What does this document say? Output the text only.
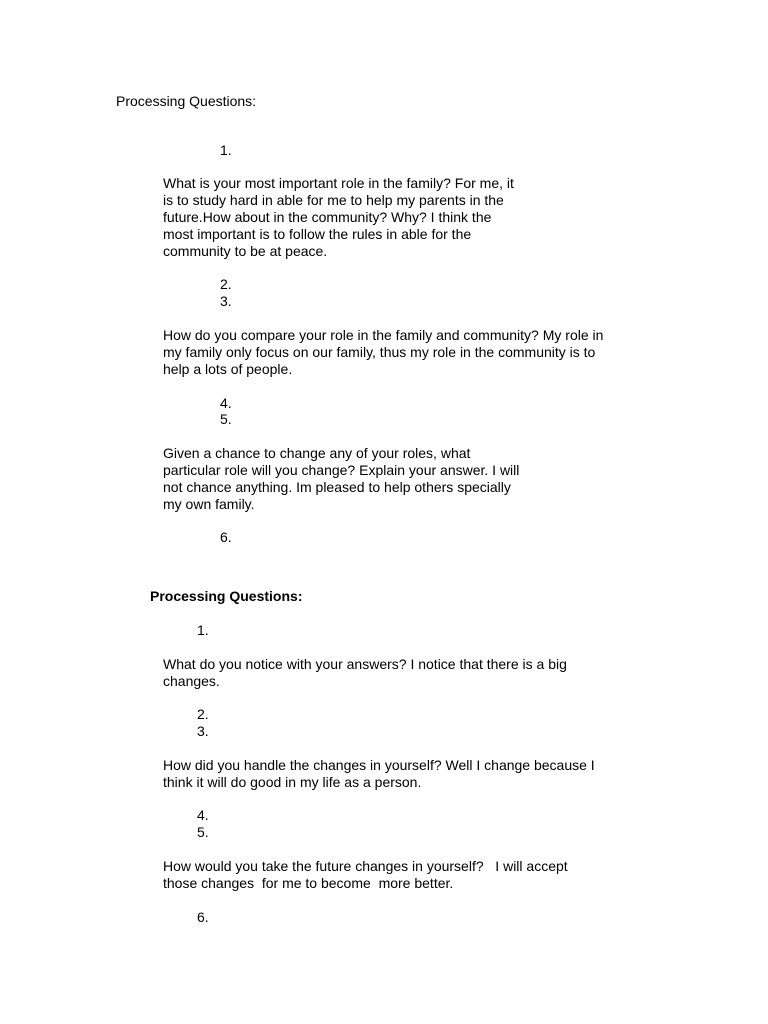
Processing Questions:

1.

What is your most important role in the family? For me, it
is to study hard in able for me to help my parents in the
future.How about in the community? Why? I think the
most important is to follow the rules in able for the
community to be at peace.

2.

3.

How do you compare your role in the family and community? My role in
my family only focus on our family, thus my role in the community is to
help a lots of people.

4.

5.

Given a chance to change any of your roles, what
particular role will you change? Explain your answer. I will
not chance anything. Im pleased to help others specially
my own family.

6.

Processing Questions:

1.

What do you notice with your answers? I notice that there is a big
changes.

2.

3.

How did you handle the changes in yourself? Well I change because I
think it will do good in my life as a person.

4.

5.

How would you take the future changes in yourself?   I will accept
those changes  for me to become  more better.

6.
